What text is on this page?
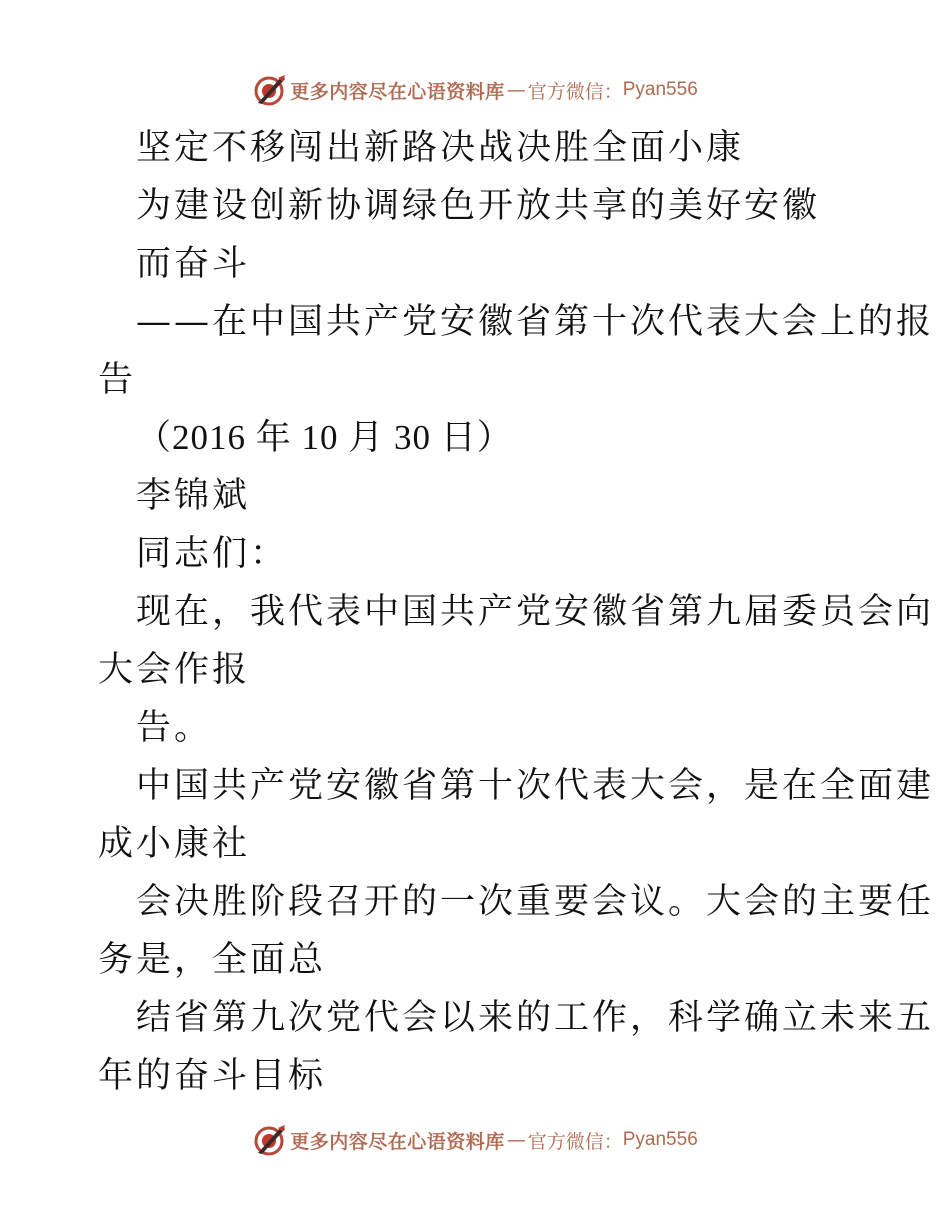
更多内容尽在心语资料库 — 官方微信： Pyan556
坚定不移闯出新路决战决胜全面小康
为建设创新协调绿色开放共享的美好安徽
而奋斗
——在中国共产党安徽省第十次代表大会上的报
告
（2016 年 10 月 30 日）
李锦斌
同志们：
现在，我代表中国共产党安徽省第九届委员会向
大会作报
告。
中国共产党安徽省第十次代表大会，是在全面建
成小康社
会决胜阶段召开的一次重要会议。大会的主要任
务是，全面总
结省第九次党代会以来的工作，科学确立未来五
年的奋斗目标
更多内容尽在心语资料库 — 官方微信： Pyan556
